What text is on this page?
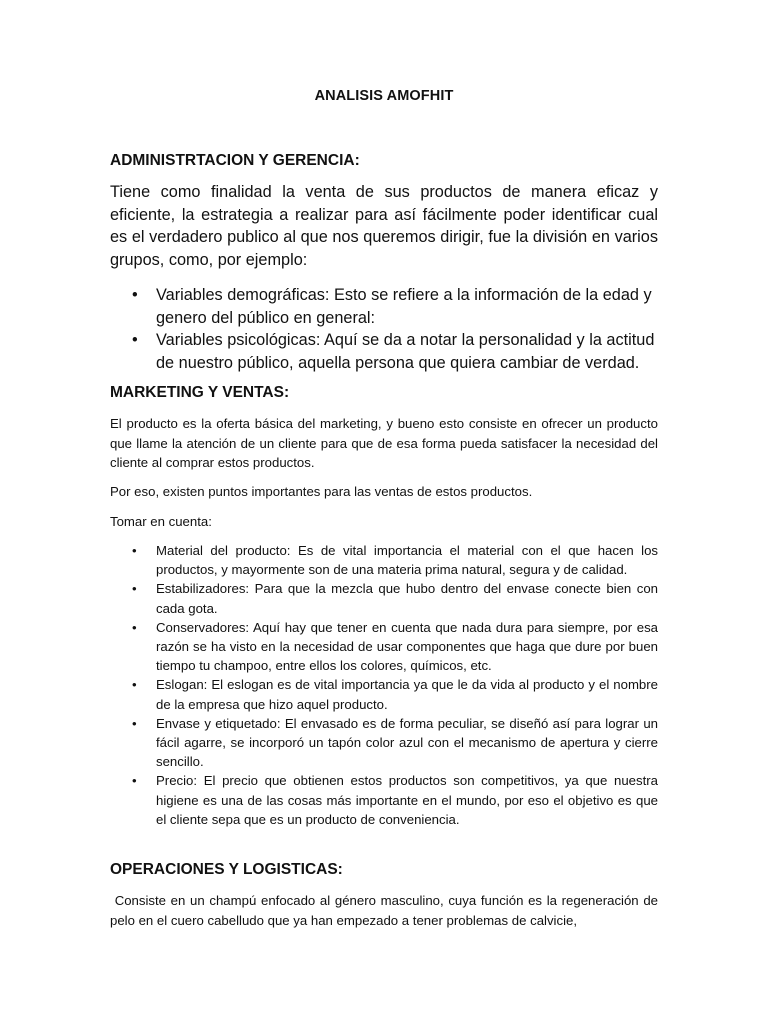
ANALISIS AMOFHIT
ADMINISTRTACION Y GERENCIA:

Tiene como finalidad la venta de sus productos de manera eficaz y eficiente, la estrategia a realizar para así fácilmente poder identificar cual es el verdadero publico al que nos queremos dirigir, fue la división en varios grupos, como, por ejemplo:

• Variables demográficas: Esto se refiere a la información de la edad y genero del público en general:
• Variables psicológicas: Aquí se da a notar la personalidad y la actitud de nuestro público, aquella persona que quiera cambiar de verdad.
MARKETING Y VENTAS:

El producto es la oferta básica del marketing, y bueno esto consiste en ofrecer un producto que llame la atención de un cliente para que de esa forma pueda satisfacer la necesidad del cliente al comprar estos productos.

Por eso, existen puntos importantes para las ventas de estos productos.

Tomar en cuenta:

• Material del producto: Es de vital importancia el material con el que hacen los productos, y mayormente son de una materia prima natural, segura y de calidad.
• Estabilizadores: Para que la mezcla que hubo dentro del envase conecte bien con cada gota.
• Conservadores: Aquí hay que tener en cuenta que nada dura para siempre, por esa razón se ha visto en la necesidad de usar componentes que haga que dure por buen tiempo tu champoo, entre ellos los colores, químicos, etc.
• Eslogan: El eslogan es de vital importancia ya que le da vida al producto y el nombre de la empresa que hizo aquel producto.
• Envase y etiquetado: El envasado es de forma peculiar, se diseñó así para lograr un fácil agarre, se incorporó un tapón color azul con el mecanismo de apertura y cierre sencillo.
• Precio: El precio que obtienen estos productos son competitivos, ya que nuestra higiene es una de las cosas más importante en el mundo, por eso el objetivo es que el cliente sepa que es un producto de conveniencia.
OPERACIONES Y LOGISTICAS:

Consiste en un champú enfocado al género masculino, cuya función es la regeneración de pelo en el cuero cabelludo que ya han empezado a tener problemas de calvicie,
